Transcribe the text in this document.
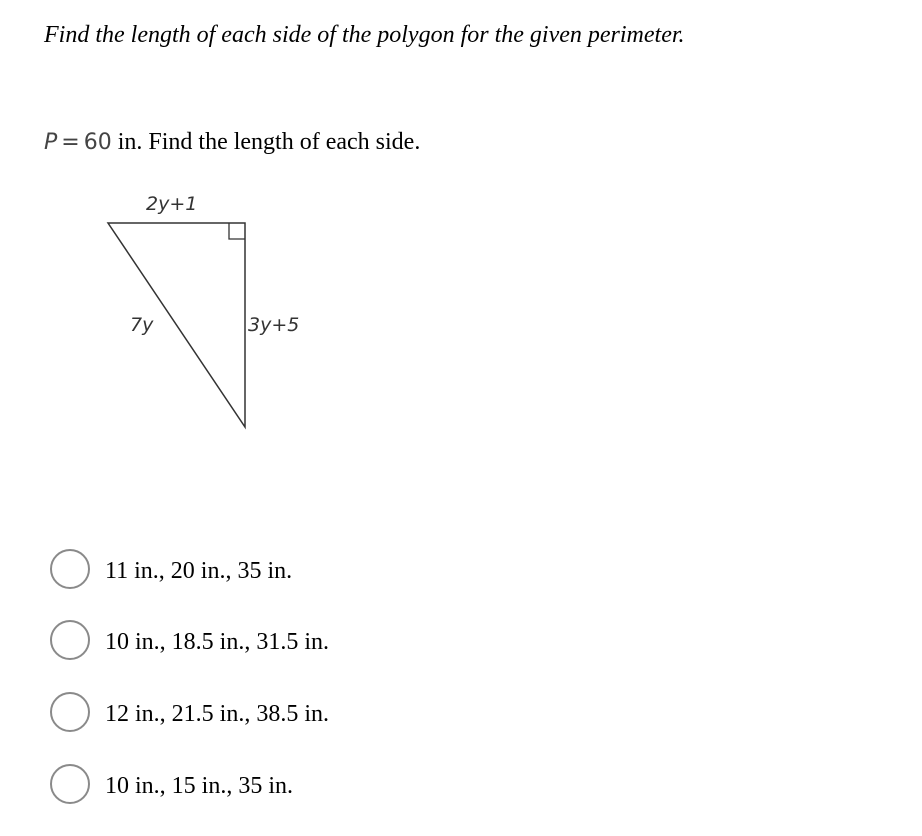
Find the length of each side of the polygon for the given perimeter.
P = 60 in. Find the length of each side.
2y+1
7y	3y+5
11 in., 20 in., 35 in.
10 in., 18.5 in., 31.5 in.
12 in., 21.5 in., 38.5 in.
10 in., 15 in., 35 in.
